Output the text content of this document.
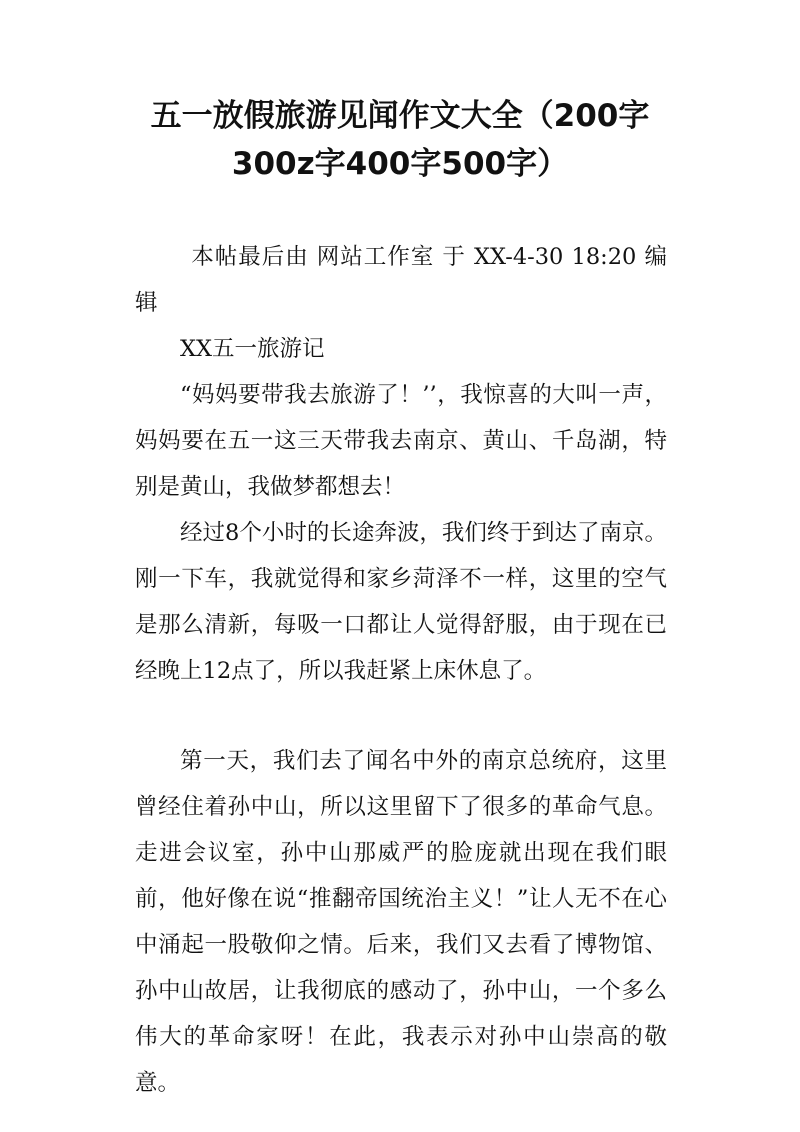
五一放假旅游见闻作文大全（200字
300z字400字500字）

本帖最后由 网站工作室 于 XX-4-30 18:20 编辑

XX五一旅游记

“妈妈要带我去旅游了！’’，我惊喜的大叫一声，妈妈要在五一这三天带我去南京、黄山、千岛湖，特别是黄山，我做梦都想去！

经过8个小时的长途奔波，我们终于到达了南京。刚一下车，我就觉得和家乡菏泽不一样，这里的空气是那么清新，每吸一口都让人觉得舒服，由于现在已经晚上12点了，所以我赶紧上床休息了。

第一天，我们去了闻名中外的南京总统府，这里曾经住着孙中山，所以这里留下了很多的革命气息。走进会议室，孙中山那威严的脸庞就出现在我们眼前，他好像在说“推翻帝国统治主义！”让人无不在心中涌起一股敬仰之情。后来，我们又去看了博物馆、孙中山故居，让我彻底的感动了，孙中山，一个多么伟大的革命家呀！在此，我表示对孙中山崇高的敬意。
